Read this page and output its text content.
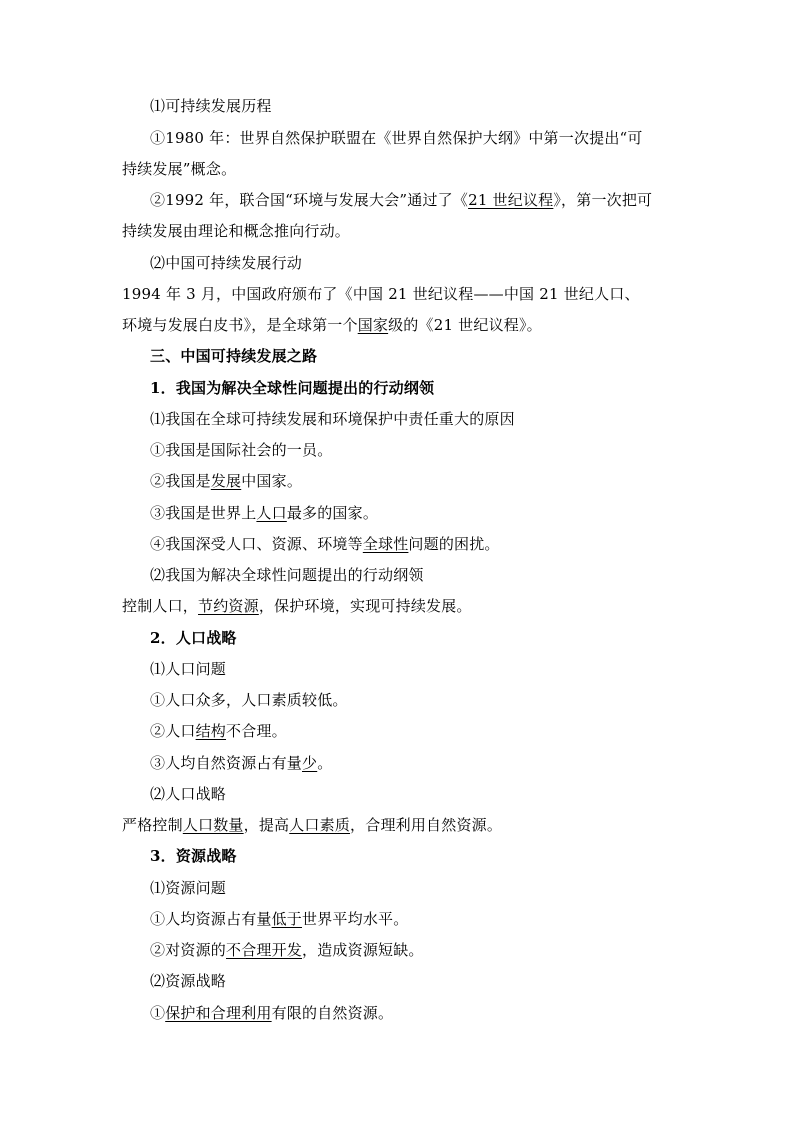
⑴可持续发展历程
①1980 年：世界自然保护联盟在《世界自然保护大纲》中第一次提出“可
持续发展”概念。
②1992 年，联合国“环境与发展大会”通过了《21 世纪议程》，第一次把可
持续发展由理论和概念推向行动。
⑵中国可持续发展行动
1994 年 3 月，中国政府颁布了《中国 21 世纪议程——中国 21 世纪人口、
环境与发展白皮书》，是全球第一个国家级的《21 世纪议程》。
三、中国可持续发展之路
1．我国为解决全球性问题提出的行动纲领
⑴我国在全球可持续发展和环境保护中责任重大的原因
①我国是国际社会的一员。
②我国是发展中国家。
③我国是世界上人口最多的国家。
④我国深受人口、资源、环境等全球性问题的困扰。
⑵我国为解决全球性问题提出的行动纲领
控制人口，节约资源，保护环境，实现可持续发展。
2．人口战略
⑴人口问题
①人口众多，人口素质较低。
②人口结构不合理。
③人均自然资源占有量少。
⑵人口战略
严格控制人口数量，提高人口素质，合理利用自然资源。
3．资源战略
⑴资源问题
①人均资源占有量低于世界平均水平。
②对资源的不合理开发，造成资源短缺。
⑵资源战略
①保护和合理利用有限的自然资源。
